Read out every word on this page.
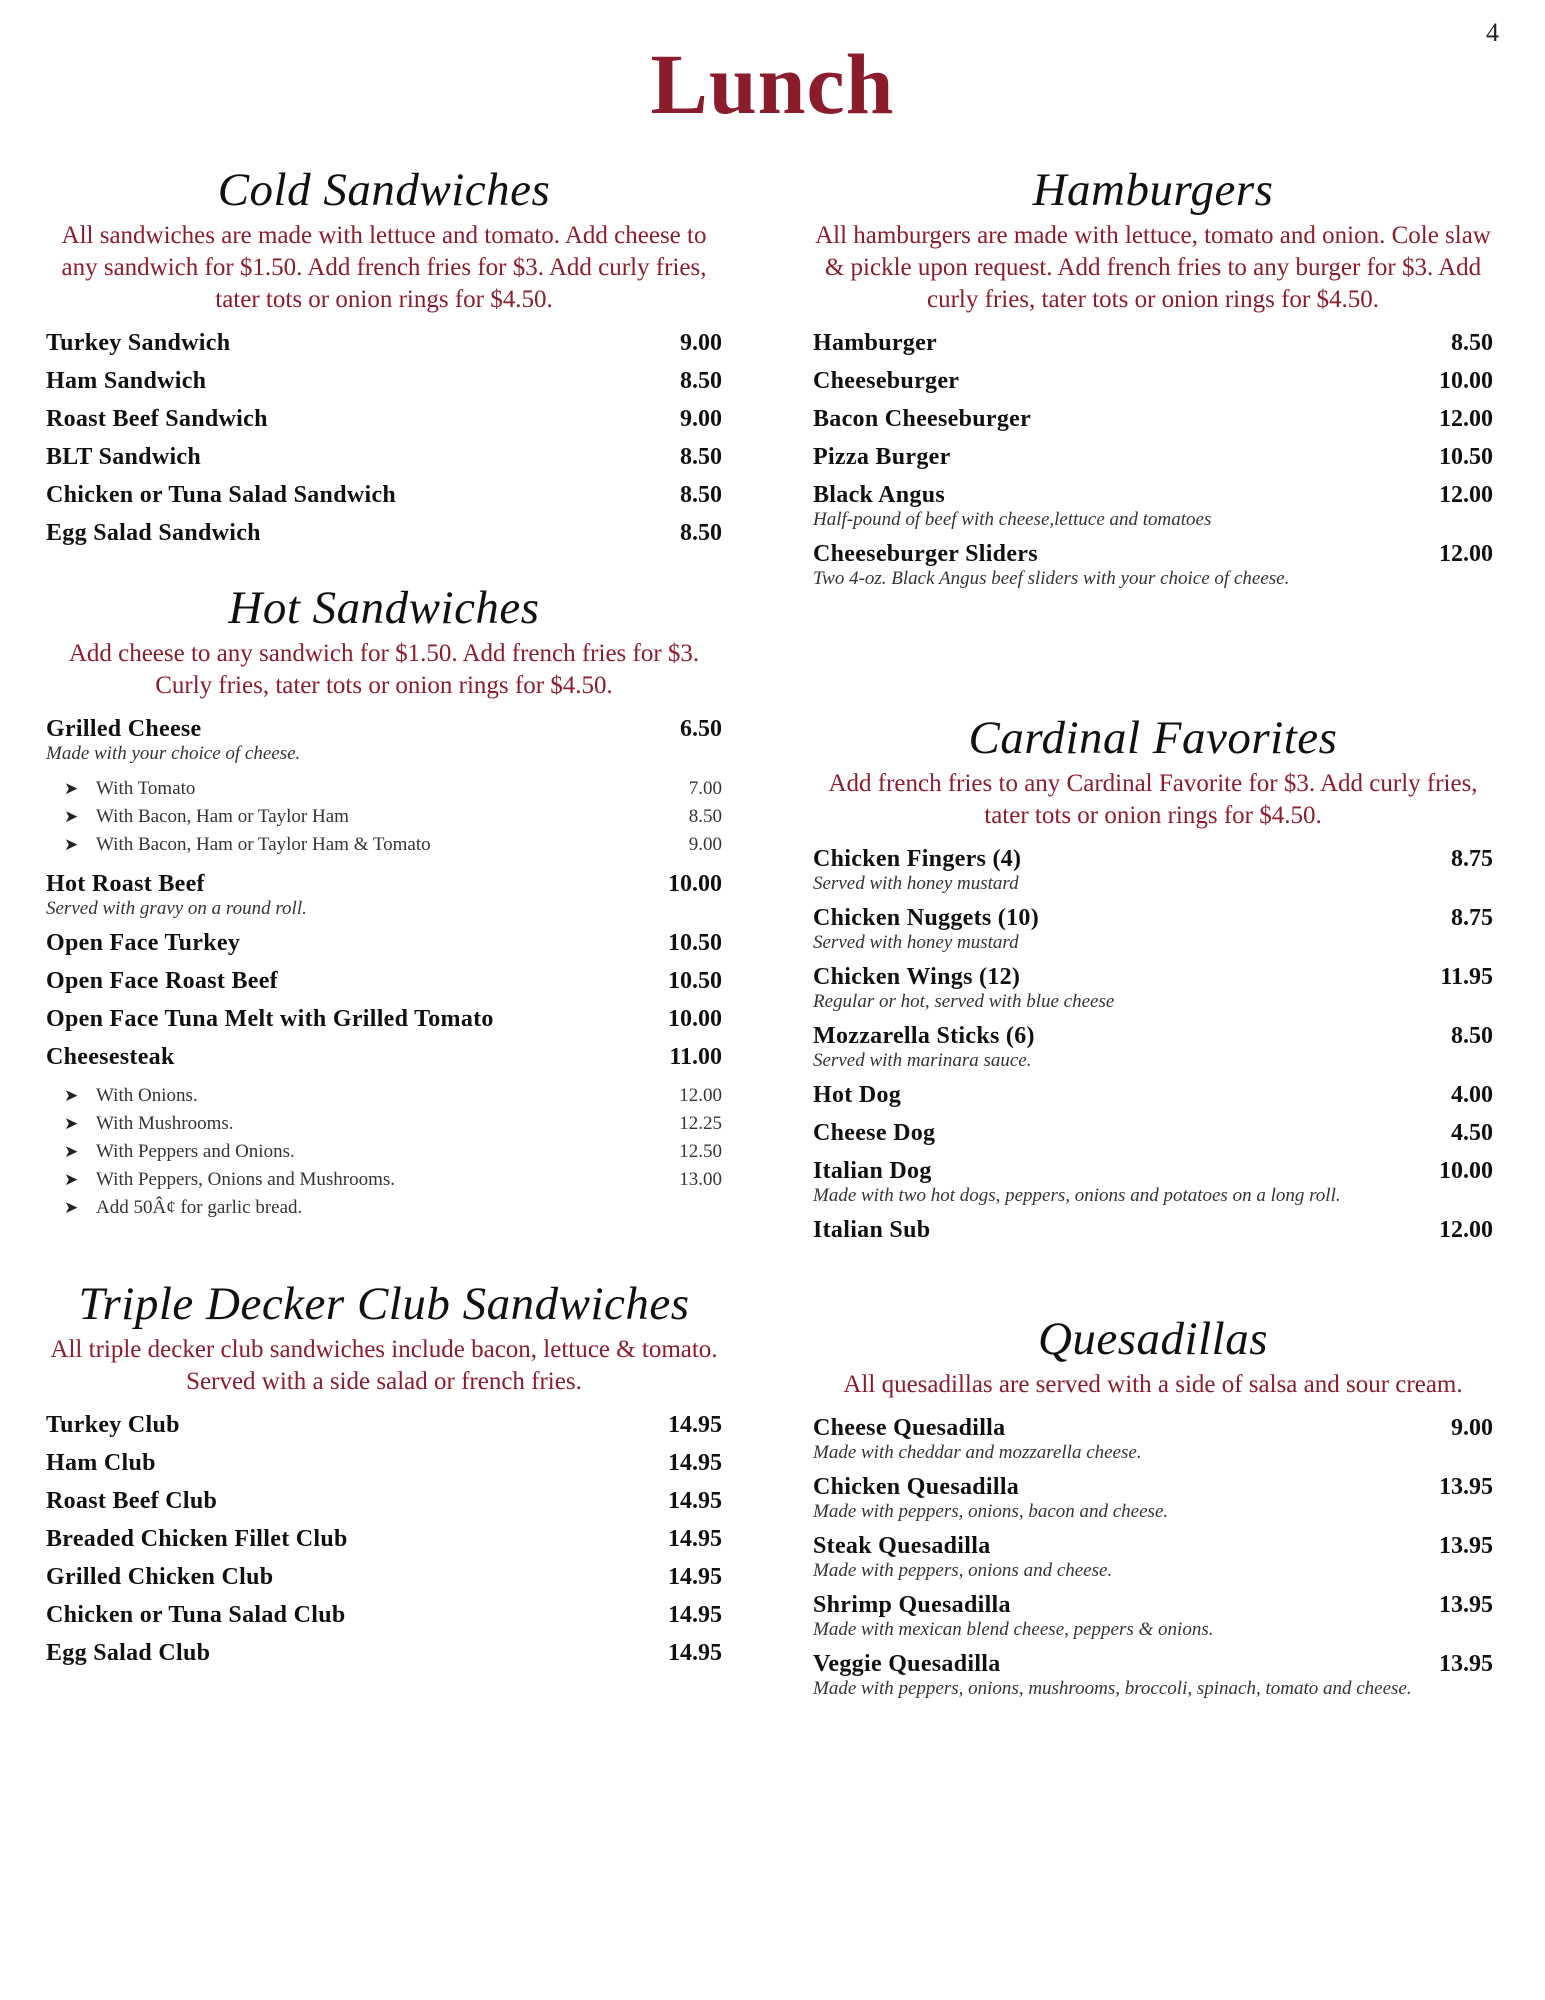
4
Lunch
Cold Sandwiches
All sandwiches are made with lettuce and tomato. Add cheese to any sandwich for $1.50. Add french fries for $3. Add curly fries, tater tots or onion rings for $4.50.
Turkey Sandwich	9.00
Ham Sandwich	8.50
Roast Beef Sandwich	9.00
BLT Sandwich	8.50
Chicken or Tuna Salad Sandwich	8.50
Egg Salad Sandwich	8.50
Hot Sandwiches
Add cheese to any sandwich for $1.50. Add french fries for $3. Curly fries, tater tots or onion rings for $4.50.
Grilled Cheese	6.50
Made with your choice of cheese.
➤ With Tomato	7.00
➤ With Bacon, Ham or Taylor Ham	8.50
➤ With Bacon, Ham or Taylor Ham & Tomato	9.00
Hot Roast Beef	10.00
Served with gravy on a round roll.
Open Face Turkey	10.50
Open Face Roast Beef	10.50
Open Face Tuna Melt with Grilled Tomato	10.00
Cheesesteak	11.00
➤ With Onions.	12.00
➤ With Mushrooms.	12.25
➤ With Peppers and Onions.	12.50
➤ With Peppers, Onions and Mushrooms.	13.00
➤ Add 50Â¢ for garlic bread.
Triple Decker Club Sandwiches
All triple decker club sandwiches include bacon, lettuce & tomato. Served with a side salad or french fries.
Turkey Club	14.95
Ham Club	14.95
Roast Beef Club	14.95
Breaded Chicken Fillet Club	14.95
Grilled Chicken Club	14.95
Chicken or Tuna Salad Club	14.95
Egg Salad Club	14.95
Hamburgers
All hamburgers are made with lettuce, tomato and onion. Cole slaw & pickle upon request. Add french fries to any burger for $3. Add curly fries, tater tots or onion rings for $4.50.
Hamburger	8.50
Cheeseburger	10.00
Bacon Cheeseburger	12.00
Pizza Burger	10.50
Black Angus	12.00
Half-pound of beef with cheese,lettuce and tomatoes
Cheeseburger Sliders	12.00
Two 4-oz. Black Angus beef sliders with your choice of cheese.
Cardinal Favorites
Add french fries to any Cardinal Favorite for $3. Add curly fries, tater tots or onion rings for $4.50.
Chicken Fingers (4)	8.75
Served with honey mustard
Chicken Nuggets (10)	8.75
Served with honey mustard
Chicken Wings (12)	11.95
Regular or hot, served with blue cheese
Mozzarella Sticks (6)	8.50
Served with marinara sauce.
Hot Dog	4.00
Cheese Dog	4.50
Italian Dog	10.00
Made with two hot dogs, peppers, onions and potatoes on a long roll.
Italian Sub	12.00
Quesadillas
All quesadillas are served with a side of salsa and sour cream.
Cheese Quesadilla	9.00
Made with cheddar and mozzarella cheese.
Chicken Quesadilla	13.95
Made with peppers, onions, bacon and cheese.
Steak Quesadilla	13.95
Made with peppers, onions and cheese.
Shrimp Quesadilla	13.95
Made with mexican blend cheese, peppers & onions.
Veggie Quesadilla	13.95
Made with peppers, onions, mushrooms, broccoli, spinach, tomato and cheese.
